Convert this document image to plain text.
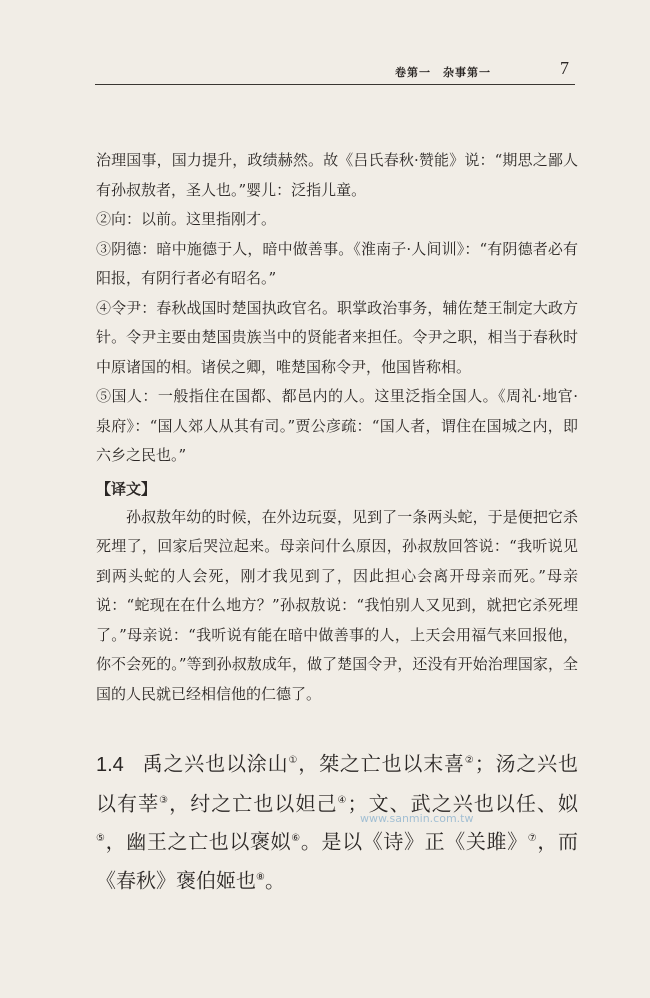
卷第一　杂事第一	7

治理国事，国力提升，政绩赫然。故《吕氏春秋·赞能》说：“期思之鄙人有孙叔敖者，圣人也。”婴儿：泛指儿童。

②向：以前。这里指刚才。

③阴德：暗中施德于人，暗中做善事。《淮南子·人间训》：“有阴德者必有阳报，有阴行者必有昭名。”

④令尹：春秋战国时楚国执政官名。职掌政治事务，辅佐楚王制定大政方针。令尹主要由楚国贵族当中的贤能者来担任。令尹之职，相当于春秋时中原诸国的相。诸侯之卿，唯楚国称令尹，他国皆称相。

⑤国人：一般指住在国都、都邑内的人。这里泛指全国人。《周礼·地官·泉府》：“国人郊人从其有司。”贾公彦疏：“国人者，谓住在国城之内，即六乡之民也。”

【译文】

孙叔敖年幼的时候，在外边玩耍，见到了一条两头蛇，于是便把它杀死埋了，回家后哭泣起来。母亲问什么原因，孙叔敖回答说：“我听说见到两头蛇的人会死，刚才我见到了，因此担心会离开母亲而死。”母亲说：“蛇现在在什么地方？”孙叔敖说：“我怕别人又见到，就把它杀死埋了。”母亲说：“我听说有能在暗中做善事的人，上天会用福气来回报他，你不会死的。”等到孙叔敖成年，做了楚国令尹，还没有开始治理国家，全国的人民就已经相信他的仁德了。

1.4 禹之兴也以涂山①，桀之亡也以末喜②；汤之兴也以有莘③，纣之亡也以妲己④；文、武之兴也以任、姒⑤，幽王之亡也以褒姒⑥。是以《诗》正《关雎》⑦，而《春秋》褒伯姬也⑧。
www.sanmin.com.tw
